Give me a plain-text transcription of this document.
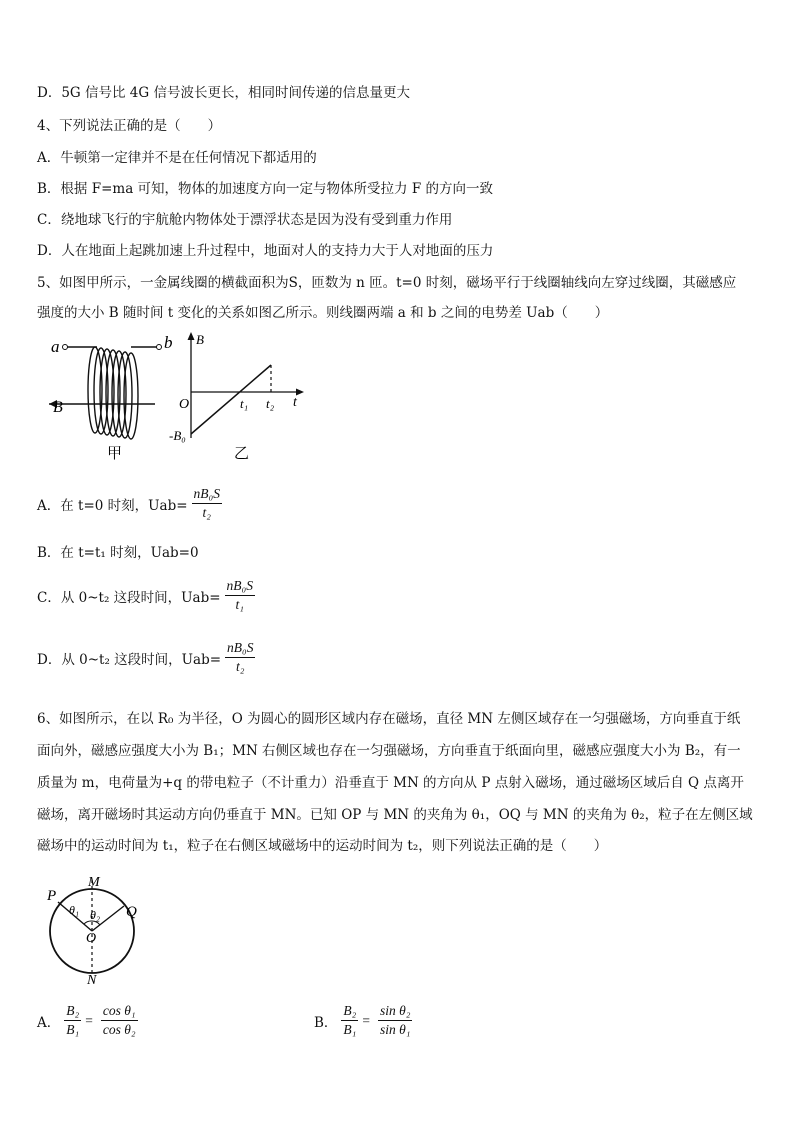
D．5G 信号比 4G 信号波长更长，相同时间传递的信息量更大
4、下列说法正确的是（　　）
A．牛顿第一定律并不是在任何情况下都适用的
B．根据 F=ma 可知，物体的加速度方向一定与物体所受拉力 F 的方向一致
C．绕地球飞行的宇航舱内物体处于漂浮状态是因为没有受到重力作用
D．人在地面上起跳加速上升过程中，地面对人的支持力大于人对地面的压力
5、如图甲所示，一金属线圈的横截面积为S，匝数为 n 匝。t=0 时刻，磁场平行于线圈轴线向左穿过线圈，其磁感应
强度的大小 B 随时间 t 变化的关系如图乙所示。则线圈两端 a 和 b 之间的电势差 Uab（　　）
a	b
B
甲
B
O
-B₀
t₁ t₂ t
乙
A．在 t=0 时刻，$Uab= \frac{\text{nB₀S}}{\text{t₂}}$
B．在 t=t₁ 时刻，Uab=0
C．从 0~t₂ 这段时间，$Uab= \frac{\text{nB₀S}}{\text{t₁}}$
D．从 0~t₂ 这段时间，$Uab= \frac{\text{nB₀S}}{\text{t₂}}$
6、如图所示，在以 R₀ 为半径，O 为圆心的圆形区域内存在磁场，直径 MN 左侧区域存在一匀强磁场，方向垂直于纸
面向外，磁感应强度大小为 B₁；MN 右侧区域也存在一匀强磁场，方向垂直于纸面向里，磁感应强度大小为 B₂，有一
质量为 m，电荷量为+q 的带电粒子（不计重力）沿垂直于 MN 的方向从 P 点射入磁场，通过磁场区域后自 Q 点离开
磁场，离开磁场时其运动方向仍垂直于 MN。已知 OP 与 MN 的夹角为 θ₁，OQ 与 MN 的夹角为 θ₂，粒子在左侧区域
磁场中的运动时间为 t₁，粒子在右侧区域磁场中的运动时间为 t₂，则下列说法正确的是（　　）
P
M
Q
θ₁ θ₂
O
N
A． $\frac{\text{B₂}}{\text{B₁}} = \frac{\text{cos θ₁}}{\text{cos θ₂}}$	B． $\frac{\text{B₂}}{\text{B₁}} = \frac{\text{sin θ₂}}{\text{sin θ₁}}$
